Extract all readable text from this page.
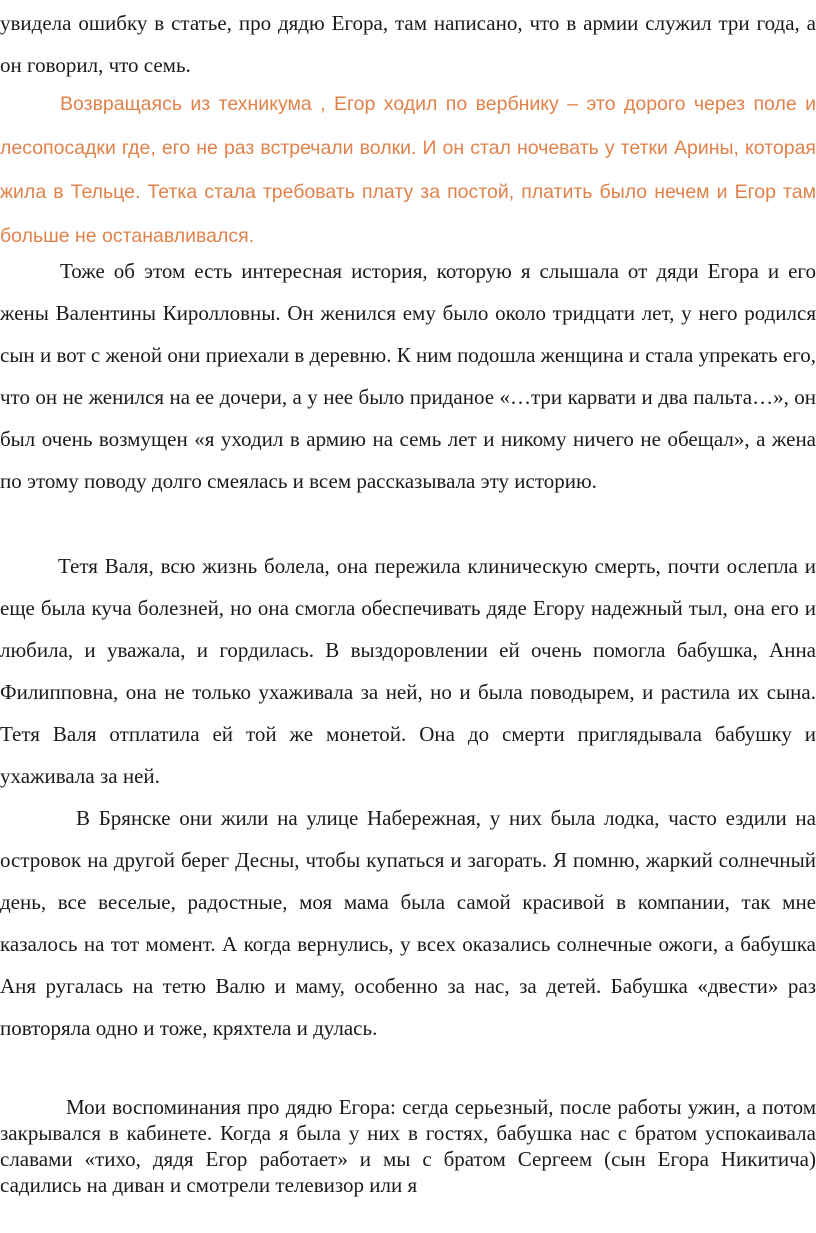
увидела ошибку в статье, про дядю Егора, там написано, что в армии служил три года, а он говорил, что семь.

Возвращаясь из техникума , Егор ходил по вербнику – это дорого через поле и лесопосадки где, его не раз встречали волки. И он стал ночевать у тетки Арины, которая жила в Тельце. Тетка стала требовать плату за постой, платить было нечем и Егор там больше не останавливался.

Тоже об этом есть интересная история, которую я слышала от дяди Егора и его жены Валентины Киролловны. Он женился ему было около тридцати лет, у него родился сын и вот с женой они приехали в деревню. К ним подошла женщина и стала упрекать его, что он не женился на ее дочери, а у нее было приданое «…три карвати и два пальта…», он был очень возмущен «я уходил в армию на семь лет и никому ничего не обещал», а жена по этому поводу долго смеялась и всем рассказывала эту историю.

Тетя Валя, всю жизнь болела, она пережила клиническую смерть, почти ослепла и еще была куча болезней, но она смогла обеспечивать дяде Егору надежный тыл, она его и любила, и уважала, и гордилась. В выздоровлении ей очень помогла бабушка, Анна Филипповна, она не только ухаживала за ней, но и была поводырем, и растила их сына. Тетя Валя отплатила ей той же монетой. Она до смерти приглядывала бабушку и ухаживала за ней.

В Брянске они жили на улице Набережная, у них была лодка, часто ездили на островок на другой берег Десны, чтобы купаться и загорать. Я помню, жаркий солнечный день, все веселые, радостные, моя мама была самой красивой в компании, так мне казалось на тот момент. А когда вернулись, у всех оказались солнечные ожоги, а бабушка Аня ругалась на тетю Валю и маму, особенно за нас, за детей. Бабушка «двести» раз повторяла одно и тоже, кряхтела и дулась.

Мои воспоминания про дядю Егора: сегда серьезный, после работы ужин, а потом закрывался в кабинете. Когда я была у них в гостях, бабушка нас с братом успокаивала славами «тихо, дядя Егор работает» и мы с братом Сергеем (сын Егора Никитича) садились на диван и смотрели телевизор или я
